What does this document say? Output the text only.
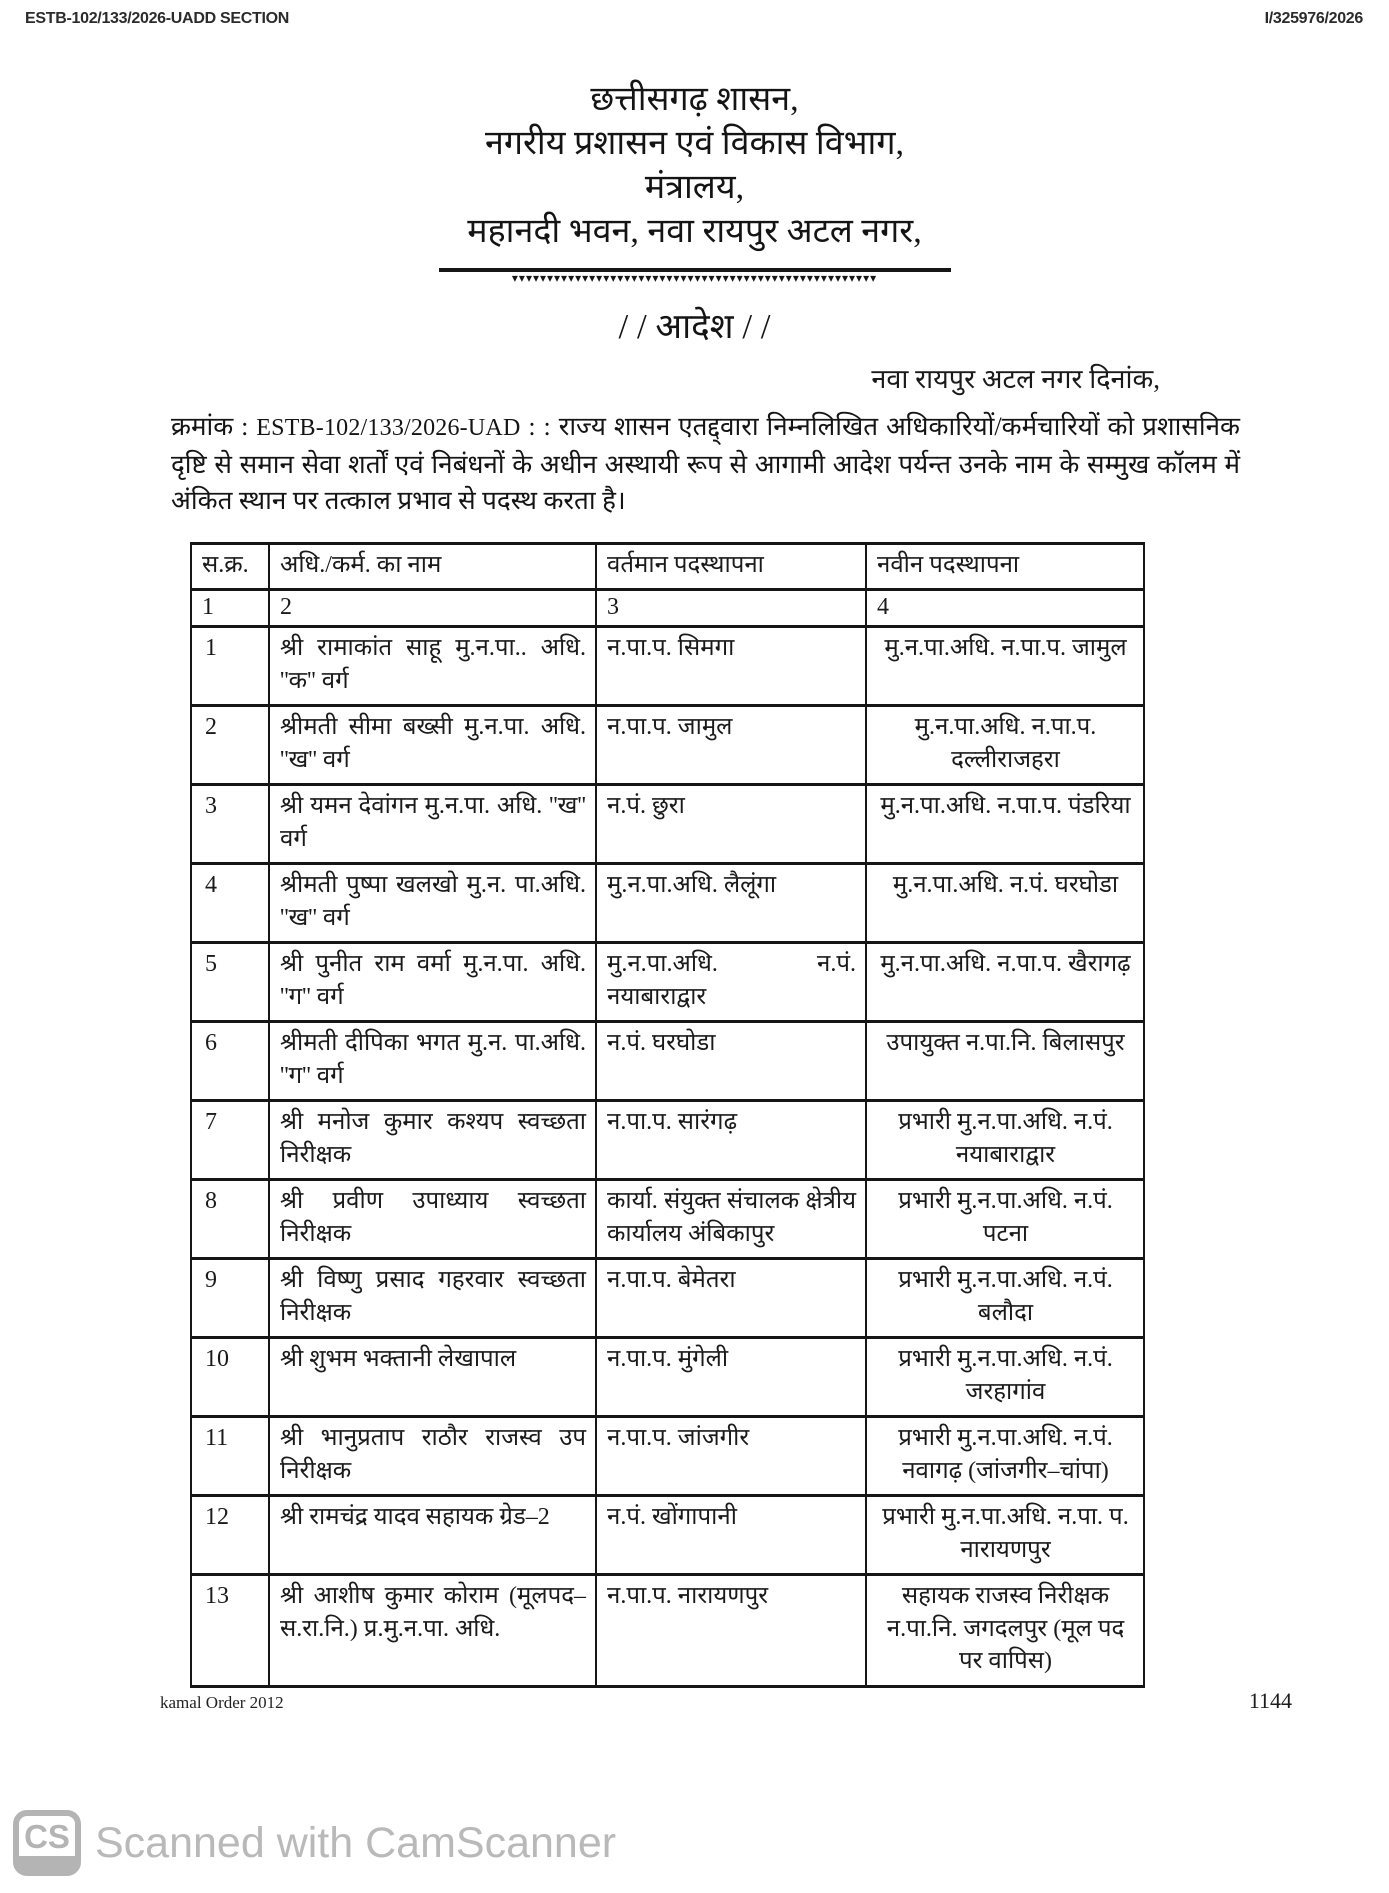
ESTB-102/133/2026-UADD SECTION	I/325976/2026
छत्तीसगढ़ शासन,
नगरीय प्रशासन एवं विकास विभाग,
मंत्रालय,
महानदी भवन, नवा रायपुर अटल नगर,
▾▾▾▾▾▾▾▾▾▾▾▾▾▾▾▾▾▾▾▾▾▾▾▾▾▾▾▾▾▾▾▾▾▾▾▾▾▾▾▾▾▾▾▾▾▾▾▾▾▾▾▾
/ / आदेश / /
नवा रायपुर अटल नगर दिनांक,
क्रमांक : ESTB-102/133/2026-UAD : : राज्य शासन एतद्द्वारा निम्नलिखित अधिकारियों/कर्मचारियों को प्रशासनिक दृष्टि से समान सेवा शर्तों एवं निबंधनों के अधीन अस्थायी रूप से आगामी आदेश पर्यन्त उनके नाम के सम्मुख कॉलम में अंकित स्थान पर तत्काल प्रभाव से पदस्थ करता है।
स.क्र.	अधि./कर्म. का नाम	वर्तमान पदस्थापना	नवीन पदस्थापना
1	2	3	4
1	श्री रामाकांत साहू मु.न.पा.. अधि. ''क'' वर्ग	न.पा.प. सिमगा	मु.न.पा.अधि. न.पा.प. जामुल
2	श्रीमती सीमा बख्सी मु.न.पा. अधि. ''ख'' वर्ग	न.पा.प. जामुल	मु.न.पा.अधि. न.पा.प. दल्लीराजहरा
3	श्री यमन देवांगन मु.न.पा. अधि. ''ख'' वर्ग	न.पं. छुरा	मु.न.पा.अधि. न.पा.प. पंडरिया
4	श्रीमती पुष्पा खलखो मु.न. पा.अधि. ''ख'' वर्ग	मु.न.पा.अधि. लैलूंगा	मु.न.पा.अधि. न.पं. घरघोडा
5	श्री पुनीत राम वर्मा मु.न.पा. अधि. ''ग'' वर्ग	मु.न.पा.अधि. न.पं. नयाबाराद्वार	मु.न.पा.अधि. न.पा.प. खैरागढ़
6	श्रीमती दीपिका भगत मु.न. पा.अधि. ''ग'' वर्ग	न.पं. घरघोडा	उपायुक्त न.पा.नि. बिलासपुर
7	श्री मनोज कुमार कश्यप स्वच्छता निरीक्षक	न.पा.प. सारंगढ़	प्रभारी मु.न.पा.अधि. न.पं. नयाबाराद्वार
8	श्री प्रवीण उपाध्याय स्वच्छता निरीक्षक	कार्या. संयुक्त संचालक क्षेत्रीय कार्यालय अंबिकापुर	प्रभारी मु.न.पा.अधि. न.पं. पटना
9	श्री विष्णु प्रसाद गहरवार स्वच्छता निरीक्षक	न.पा.प. बेमेतरा	प्रभारी मु.न.पा.अधि. न.पं. बलौदा
10	श्री शुभम भक्तानी लेखापाल	न.पा.प. मुंगेली	प्रभारी मु.न.पा.अधि. न.पं. जरहागांव
11	श्री भानुप्रताप राठौर राजस्व उप निरीक्षक	न.पा.प. जांजगीर	प्रभारी मु.न.पा.अधि. न.पं. नवागढ़ (जांजगीर–चांपा)
12	श्री रामचंद्र यादव सहायक ग्रेड–2	न.पं. खोंगापानी	प्रभारी मु.न.पा.अधि. न.पा. प. नारायणपुर
13	श्री आशीष कुमार कोराम (मूलपद–स.रा.नि.) प्र.मु.न.पा. अधि.	न.पा.प. नारायणपुर	सहायक राजस्व निरीक्षक न.पा.नि. जगदलपुर (मूल पद पर वापिस)
kamal Order 2012	1144
CS Scanned with CamScanner
